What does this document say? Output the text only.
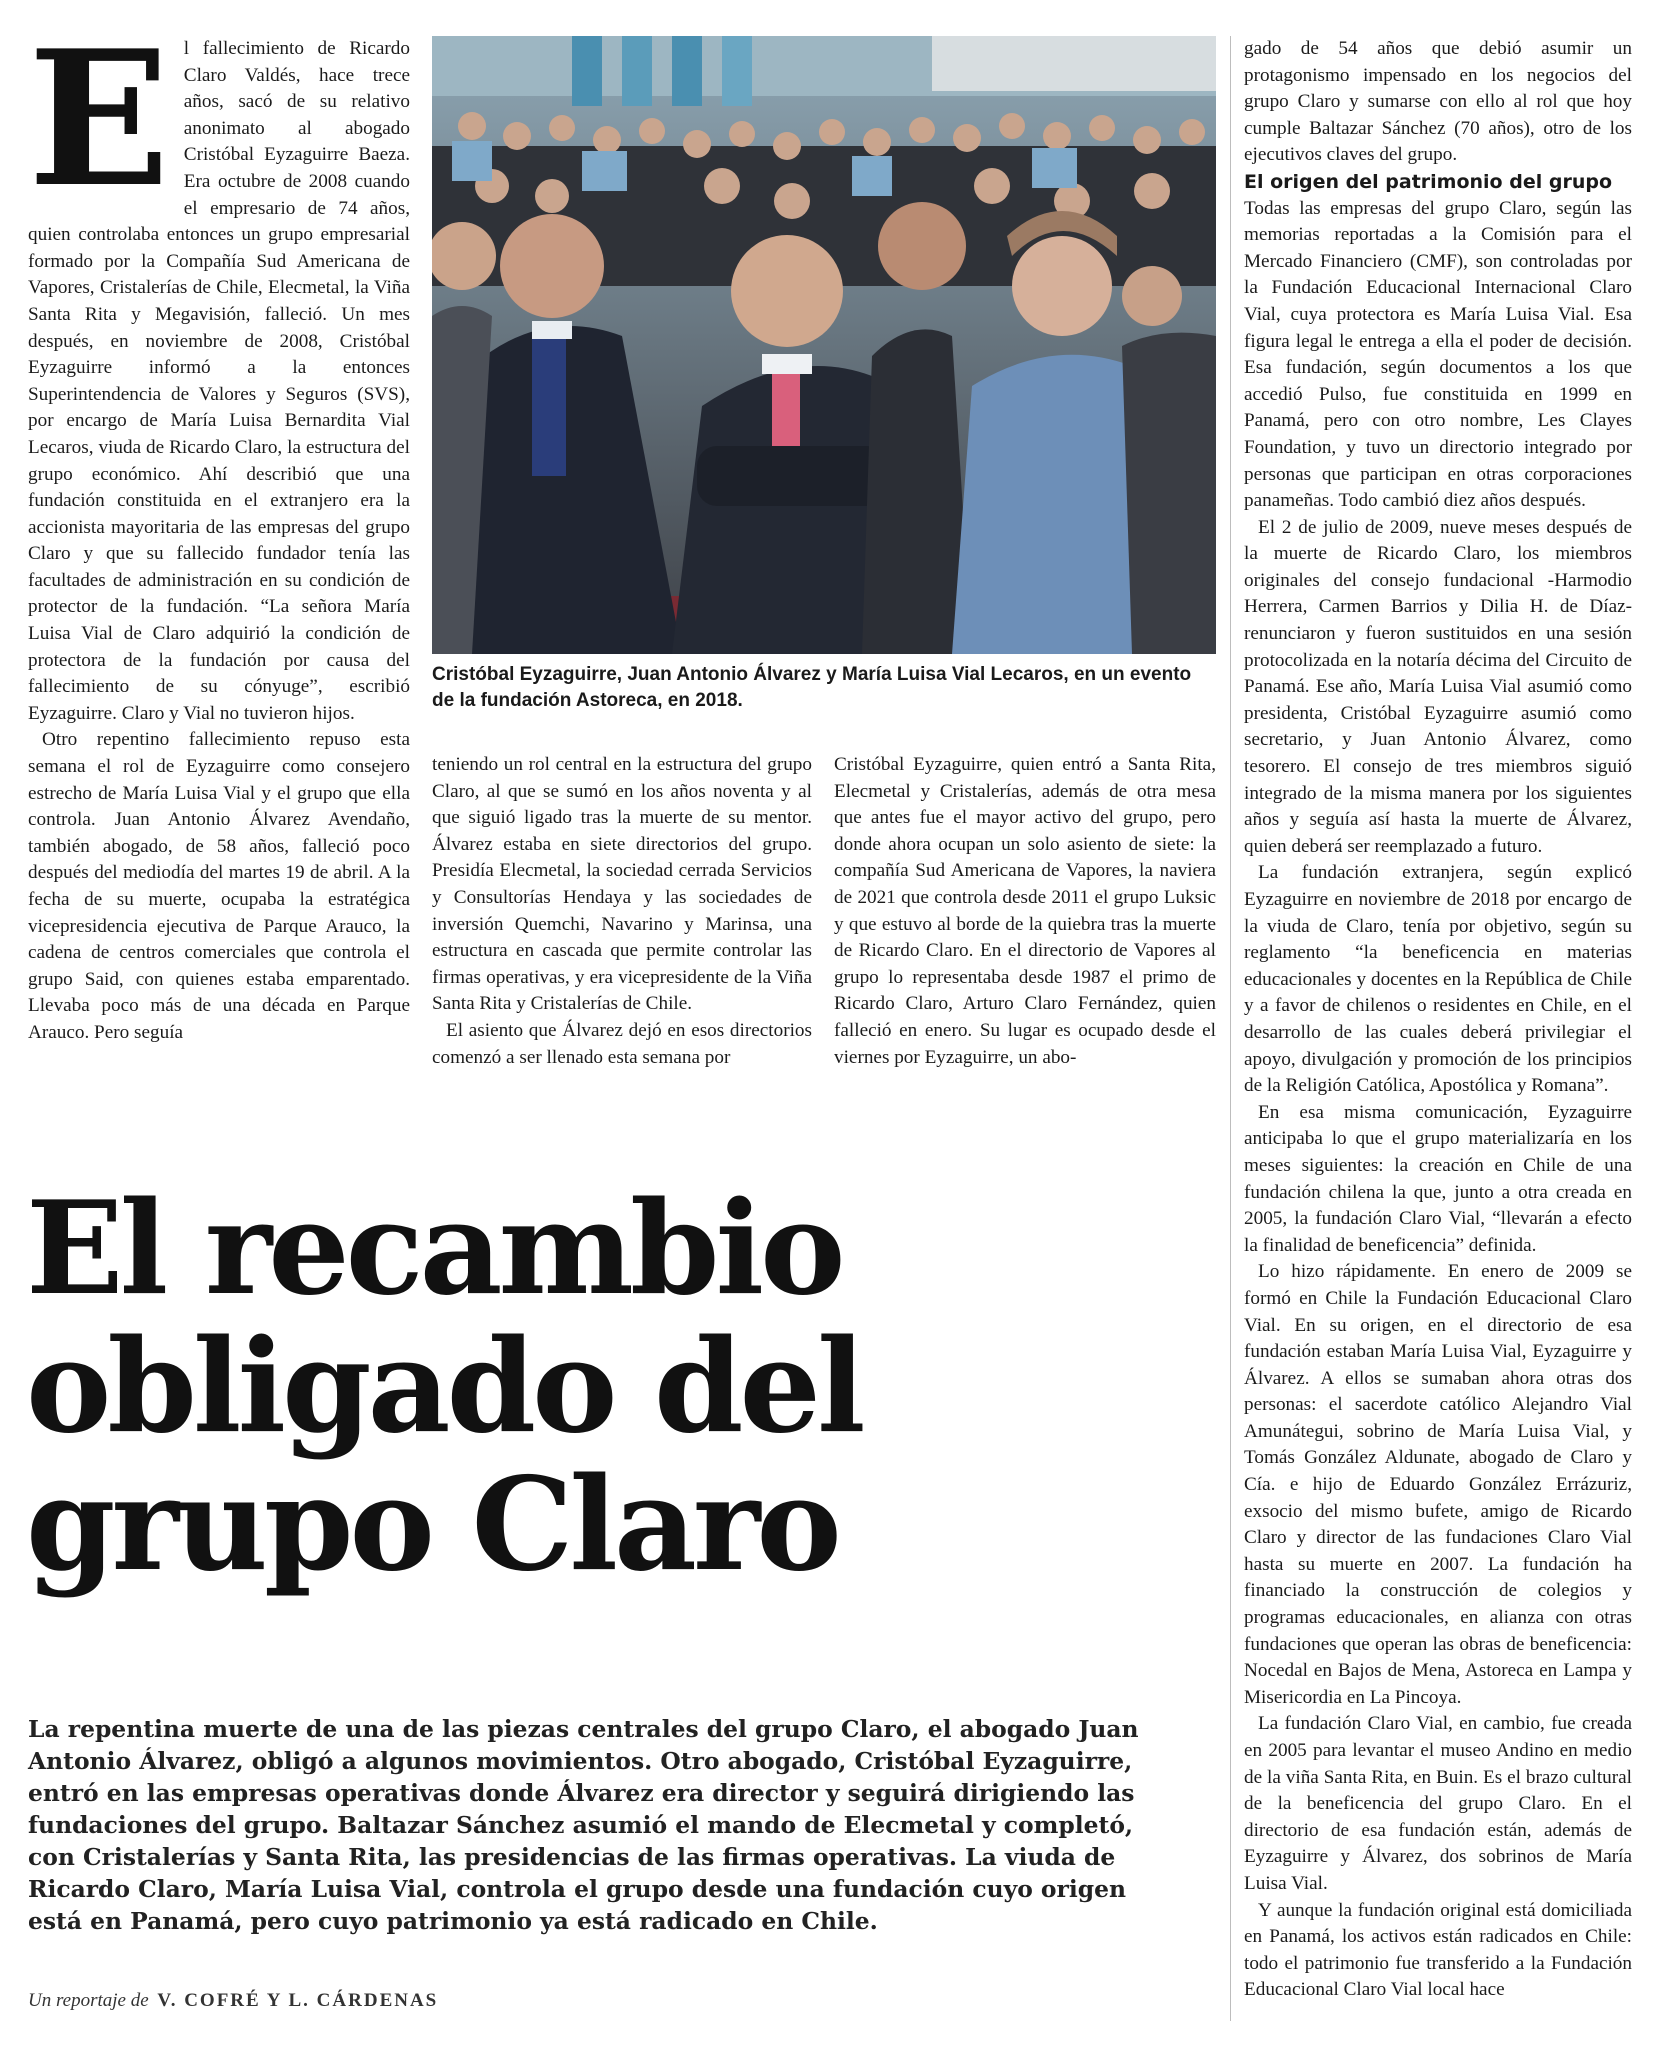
E l fallecimiento de Ricardo Claro Valdés, hace trece años, sacó de su relativo anonimato al abogado Cristóbal Eyzaguirre Baeza. Era octubre de 2008 cuando el empresario de 74 años, quien controlaba entonces un grupo empresarial formado por la Compañía Sud Americana de Vapores, Cristalerías de Chile, Elecmetal, la Viña Santa Rita y Megavisión, falleció. Un mes después, en noviembre de 2008, Cristóbal Eyzaguirre informó a la entonces Superintendencia de Valores y Seguros (SVS), por encargo de María Luisa Bernardita Vial Lecaros, viuda de Ricardo Claro, la estructura del grupo económico. Ahí describió que una fundación constituida en el extranjero era la accionista mayoritaria de las empresas del grupo Claro y que su fallecido fundador tenía las facultades de administración en su condición de protector de la fundación. “La señora María Luisa Vial de Claro adquirió la condición de protectora de la fundación por causa del fallecimiento de su cónyuge”, escribió Eyzaguirre. Claro y Vial no tuvieron hijos.

Otro repentino fallecimiento repuso esta semana el rol de Eyzaguirre como consejero estrecho de María Luisa Vial y el grupo que ella controla. Juan Antonio Álvarez Avendaño, también abogado, de 58 años, falleció poco después del mediodía del martes 19 de abril. A la fecha de su muerte, ocupaba la estratégica vicepresidencia ejecutiva de Parque Arauco, la cadena de centros comerciales que controla el grupo Said, con quienes estaba emparentado. Llevaba poco más de una década en Parque Arauco. Pero seguía

Cristóbal Eyzaguirre, Juan Antonio Álvarez y María Luisa Vial Lecaros, en un evento de la fundación Astoreca, en 2018.

teniendo un rol central en la estructura del grupo Claro, al que se sumó en los años noventa y al que siguió ligado tras la muerte de su mentor. Álvarez estaba en siete directorios del grupo. Presidía Elecmetal, la sociedad cerrada Servicios y Consultorías Hendaya y las sociedades de inversión Quemchi, Navarino y Marinsa, una estructura en cascada que permite controlar las firmas operativas, y era vicepresidente de la Viña Santa Rita y Cristalerías de Chile.

El asiento que Álvarez dejó en esos directorios comenzó a ser llenado esta semana por

Cristóbal Eyzaguirre, quien entró a Santa Rita, Elecmetal y Cristalerías, además de otra mesa que antes fue el mayor activo del grupo, pero donde ahora ocupan un solo asiento de siete: la compañía Sud Americana de Vapores, la naviera de 2021 que controla desde 2011 el grupo Luksic y que estuvo al borde de la quiebra tras la muerte de Ricardo Claro. En el directorio de Vapores al grupo lo representaba desde 1987 el primo de Ricardo Claro, Arturo Claro Fernández, quien falleció en enero. Su lugar es ocupado desde el viernes por Eyzaguirre, un abo-

gado de 54 años que debió asumir un protagonismo impensado en los negocios del grupo Claro y sumarse con ello al rol que hoy cumple Baltazar Sánchez (70 años), otro de los ejecutivos claves del grupo.

El origen del patrimonio del grupo

Todas las empresas del grupo Claro, según las memorias reportadas a la Comisión para el Mercado Financiero (CMF), son controladas por la Fundación Educacional Internacional Claro Vial, cuya protectora es María Luisa Vial. Esa figura legal le entrega a ella el poder de decisión. Esa fundación, según documentos a los que accedió Pulso, fue constituida en 1999 en Panamá, pero con otro nombre, Les Clayes Foundation, y tuvo un directorio integrado por personas que participan en otras corporaciones panameñas. Todo cambió diez años después.

El 2 de julio de 2009, nueve meses después de la muerte de Ricardo Claro, los miembros originales del consejo fundacional -Harmodio Herrera, Carmen Barrios y Dilia H. de Díaz- renunciaron y fueron sustituidos en una sesión protocolizada en la notaría décima del Circuito de Panamá. Ese año, María Luisa Vial asumió como presidenta, Cristóbal Eyzaguirre asumió como secretario, y Juan Antonio Álvarez, como tesorero. El consejo de tres miembros siguió integrado de la misma manera por los siguientes años y seguía así hasta la muerte de Álvarez, quien deberá ser reemplazado a futuro.

La fundación extranjera, según explicó Eyzaguirre en noviembre de 2018 por encargo de la viuda de Claro, tenía por objetivo, según su reglamento “la beneficencia en materias educacionales y docentes en la República de Chile y a favor de chilenos o residentes en Chile, en el desarrollo de las cuales deberá privilegiar el apoyo, divulgación y promoción de los principios de la Religión Católica, Apostólica y Romana”.

En esa misma comunicación, Eyzaguirre anticipaba lo que el grupo materializaría en los meses siguientes: la creación en Chile de una fundación chilena la que, junto a otra creada en 2005, la fundación Claro Vial, “llevarán a efecto la finalidad de beneficencia” definida.

Lo hizo rápidamente. En enero de 2009 se formó en Chile la Fundación Educacional Claro Vial. En su origen, en el directorio de esa fundación estaban María Luisa Vial, Eyzaguirre y Álvarez. A ellos se sumaban ahora otras dos personas: el sacerdote católico Alejandro Vial Amunátegui, sobrino de María Luisa Vial, y Tomás González Aldunate, abogado de Claro y Cía. e hijo de Eduardo González Errázuriz, exsocio del mismo bufete, amigo de Ricardo Claro y director de las fundaciones Claro Vial hasta su muerte en 2007. La fundación ha financiado la construcción de colegios y programas educacionales, en alianza con otras fundaciones que operan las obras de beneficencia: Nocedal en Bajos de Mena, Astoreca en Lampa y Misericordia en La Pincoya.

La fundación Claro Vial, en cambio, fue creada en 2005 para levantar el museo Andino en medio de la viña Santa Rita, en Buin. Es el brazo cultural de la beneficencia del grupo Claro. En el directorio de esa fundación están, además de Eyzaguirre y Álvarez, dos sobrinos de María Luisa Vial.

Y aunque la fundación original está domiciliada en Panamá, los activos están radicados en Chile: todo el patrimonio fue transferido a la Fundación Educacional Claro Vial local hace

El recambio obligado del grupo Claro

La repentina muerte de una de las piezas centrales del grupo Claro, el abogado Juan Antonio Álvarez, obligó a algunos movimientos. Otro abogado, Cristóbal Eyzaguirre, entró en las empresas operativas donde Álvarez era director y seguirá dirigiendo las fundaciones del grupo. Baltazar Sánchez asumió el mando de Elecmetal y completó, con Cristalerías y Santa Rita, las presidencias de las firmas operativas. La viuda de Ricardo Claro, María Luisa Vial, controla el grupo desde una fundación cuyo origen está en Panamá, pero cuyo patrimonio ya está radicado en Chile.

Un reportaje de V. COFRÉ Y L. CÁRDENAS
